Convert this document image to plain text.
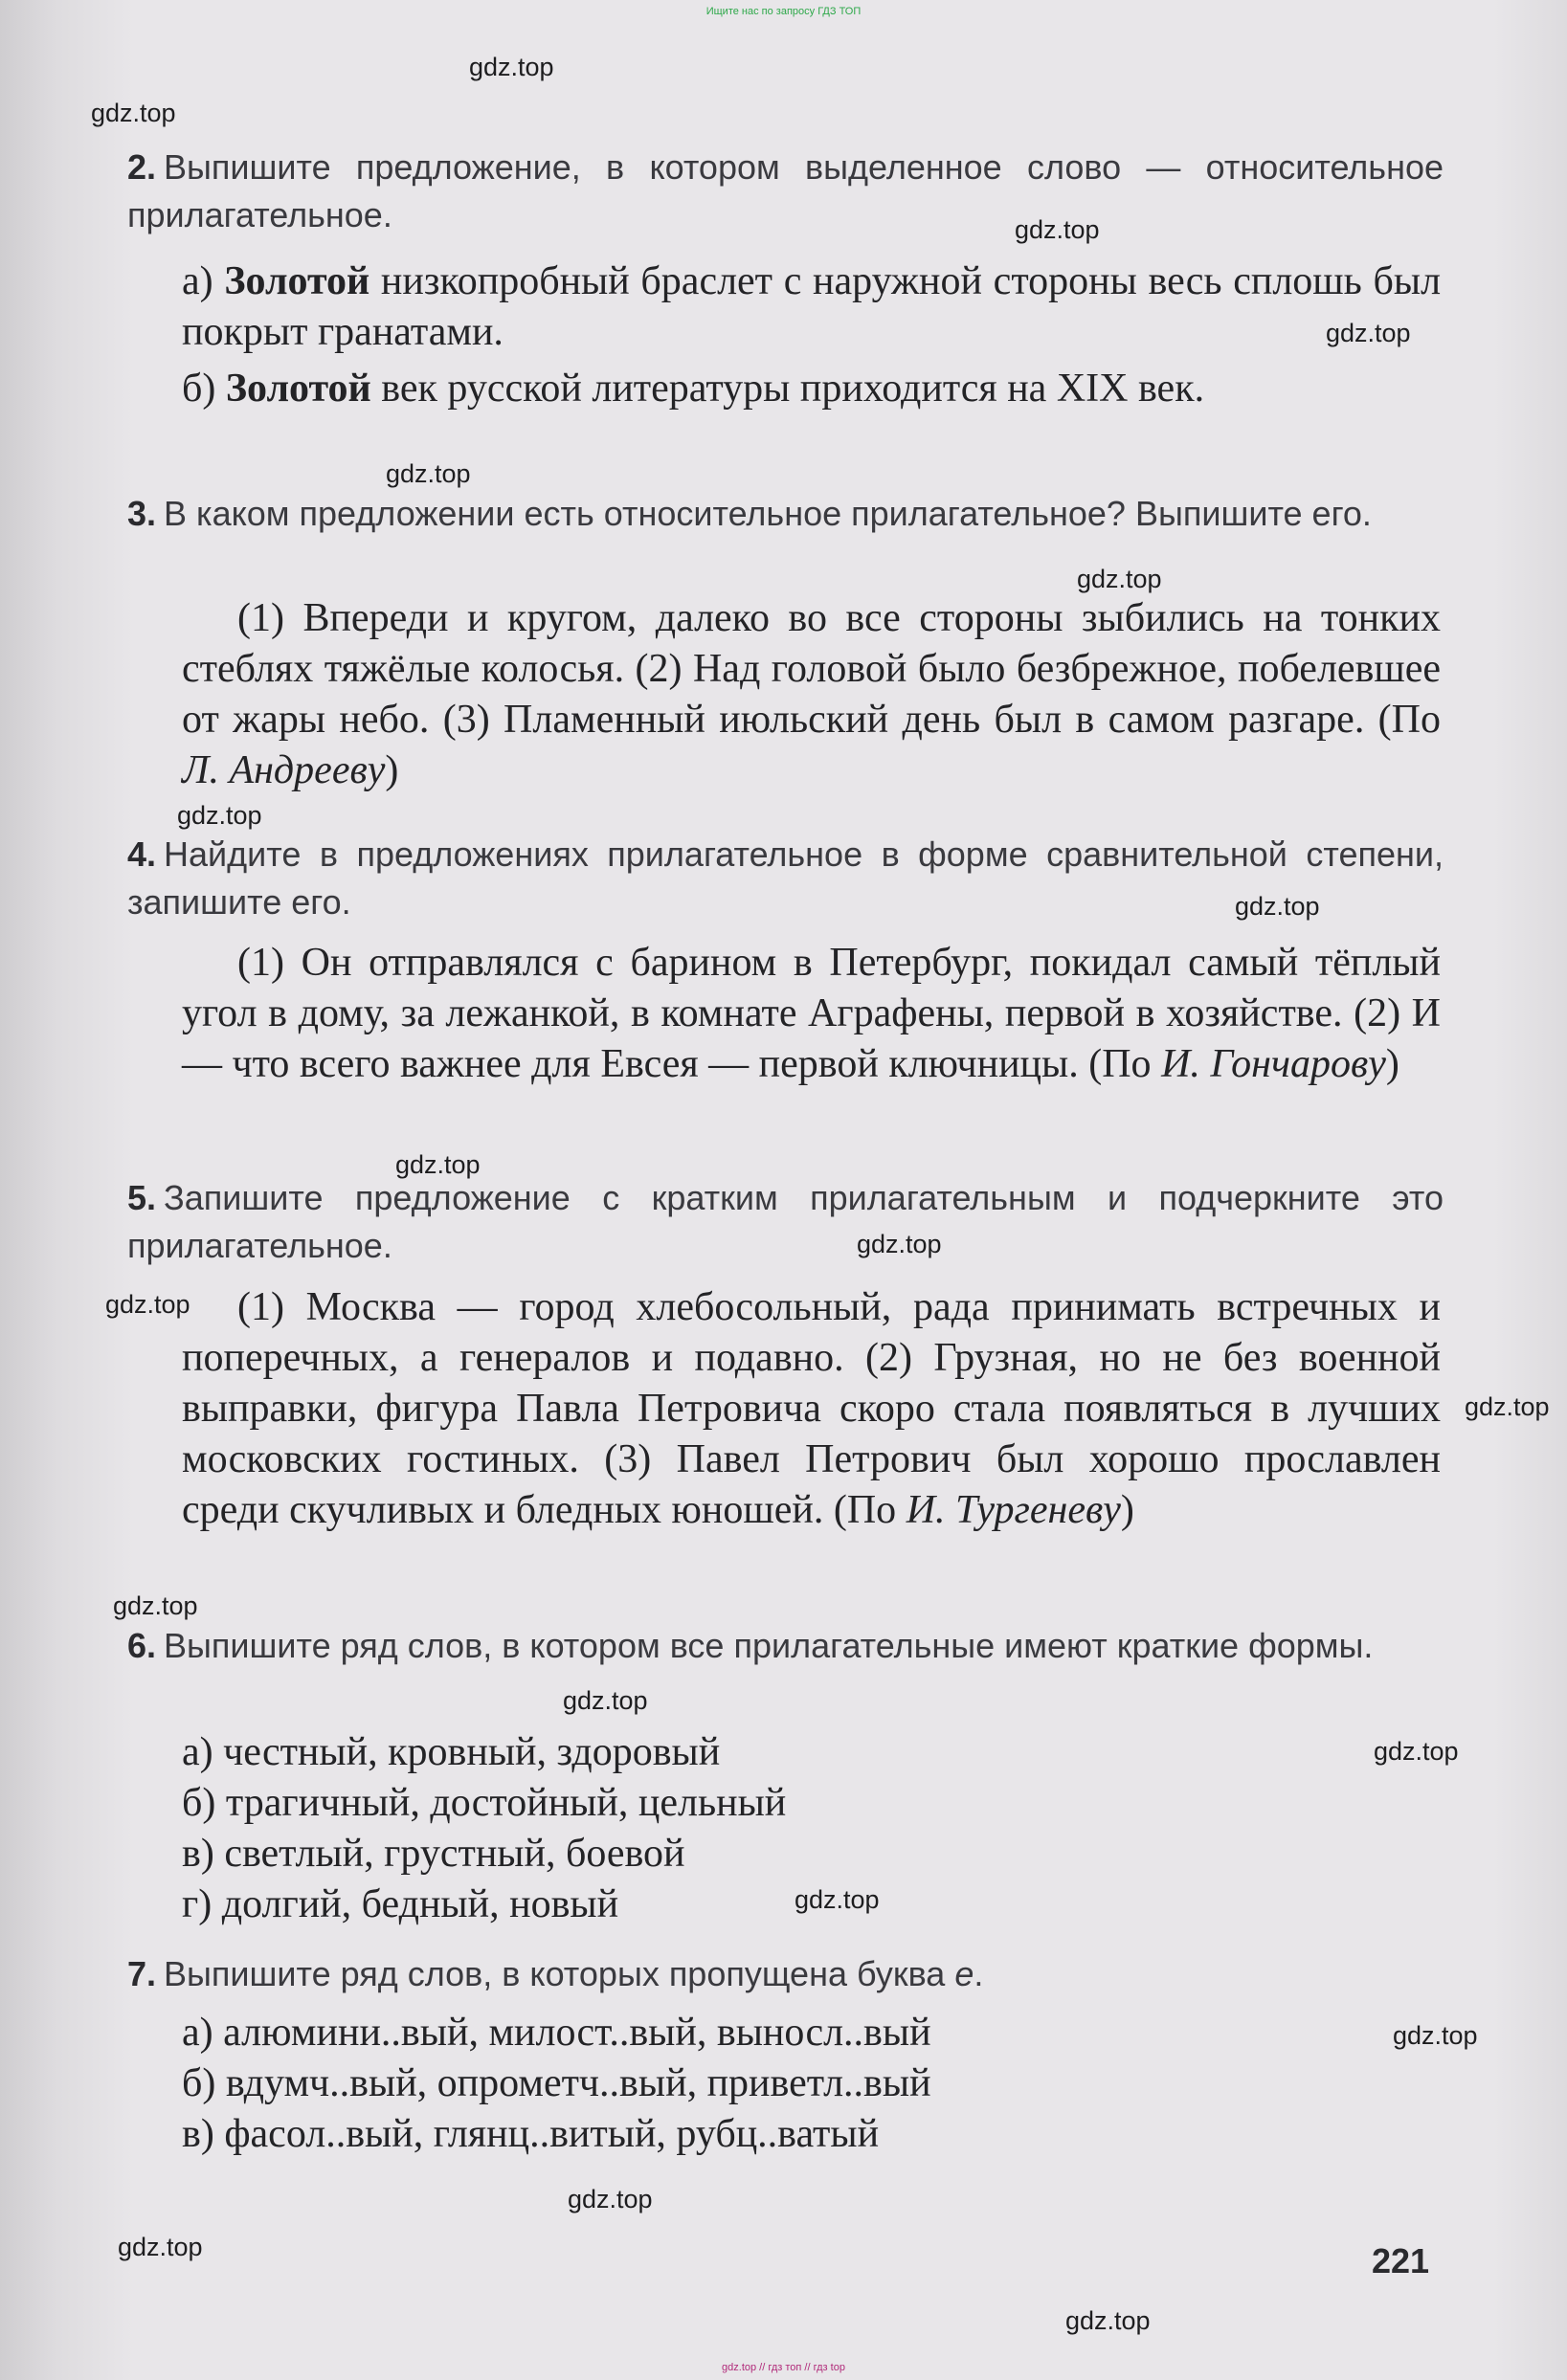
Ищите нас по запросу ГДЗ ТОП
gdz.top
gdz.top
gdz.top
gdz.top
gdz.top
gdz.top
gdz.top
gdz.top
gdz.top
gdz.top
gdz.top
gdz.top
gdz.top
gdz.top
gdz.top
gdz.top
gdz.top
gdz.top
gdz.top
gdz.top
2. Выпишите предложение, в котором выделенное слово — относительное прилагательное.
а) Золотой низкопробный браслет с наружной стороны весь сплошь был покрыт гранатами.
б) Золотой век русской литературы приходится на XIX век.
3. В каком предложении есть относительное прилагательное? Выпишите его.
(1) Впереди и кругом, далеко во все стороны зыбились на тонких стеблях тяжёлые колосья. (2) Над головой было безбрежное, побелевшее от жары небо. (3) Пламенный июльский день был в самом разгаре. (По Л. Андреeву)
4. Найдите в предложениях прилагательное в форме сравнительной степени, запишите его.
(1) Он отправлялся с барином в Петербург, покидал самый тёплый угол в дому, за лежанкой, в комнате Аграфены, первой в хозяйстве. (2) И — что всего важнее для Евсея — первой ключницы. (По И. Гончарову)
5. Запишите предложение с кратким прилагательным и подчеркните это прилагательное.
(1) Москва — город хлебосольный, рада принимать встречных и поперечных, а генералов и подавно. (2) Грузная, но не без военной выправки, фигура Павла Петровича скоро стала появляться в лучших московских гостиных. (3) Павел Петрович был хорошо прославлен среди скучливых и бледных юношей. (По И. Тургеневу)
6. Выпишите ряд слов, в котором все прилагательные имеют краткие формы.
а) честный, кровный, здоровый
б) трагичный, достойный, цельный
в) светлый, грустный, боевой
г) долгий, бедный, новый
7. Выпишите ряд слов, в которых пропущена буква е.
а) алюмини..вый, милост..вый, выносл..вый
б) вдумч..вый, опрометч..вый, приветл..вый
в) фасол..вый, глянц..витый, рубц..ватый
221
gdz.top // гдз топ // гдз top
